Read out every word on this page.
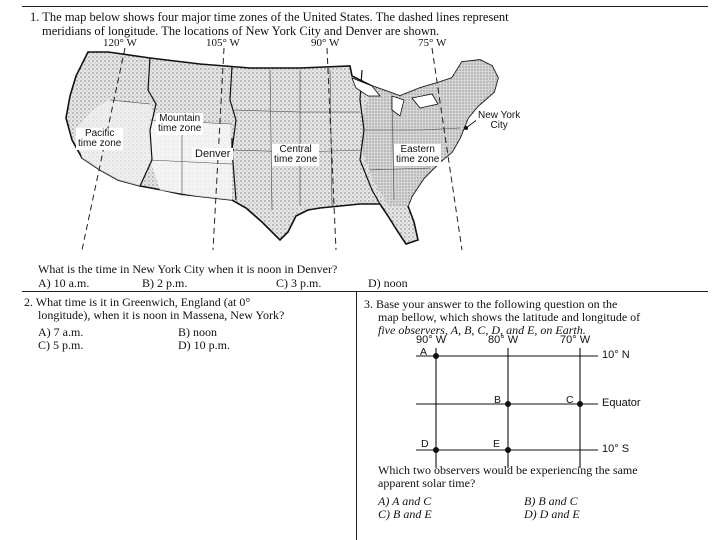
1. The map below shows four major time zones of the United States. The dashed lines represent
meridians of longitude. The locations of New York City and Denver are shown.
120° W	105° W	90° W	75° W
Mountain
time zone
Pacific
time zone
Central
time zone
Eastern
time zone
Denver
New York
City
What is the time in New York City when it is noon in Denver?
A) 10 a.m.	B) 2 p.m.	C) 3 p.m.	D) noon
2. What time is it in Greenwich, England (at 0°
longitude), when it is noon in Massena, New York?
A) 7 a.m.	B) noon
C) 5 p.m.	D) 10 p.m.
3. Base your answer to the following question on the
map bellow, which shows the latitude and longitude of
five observers, A, B, C, D, and E, on Earth.
90° W	80° W	70° W
10° N
Equator
10° S
A
B	C
D	E
Which two observers would be experiencing the same
apparent solar time?
A) A and C	B) B and C
C) B and E	D) D and E
